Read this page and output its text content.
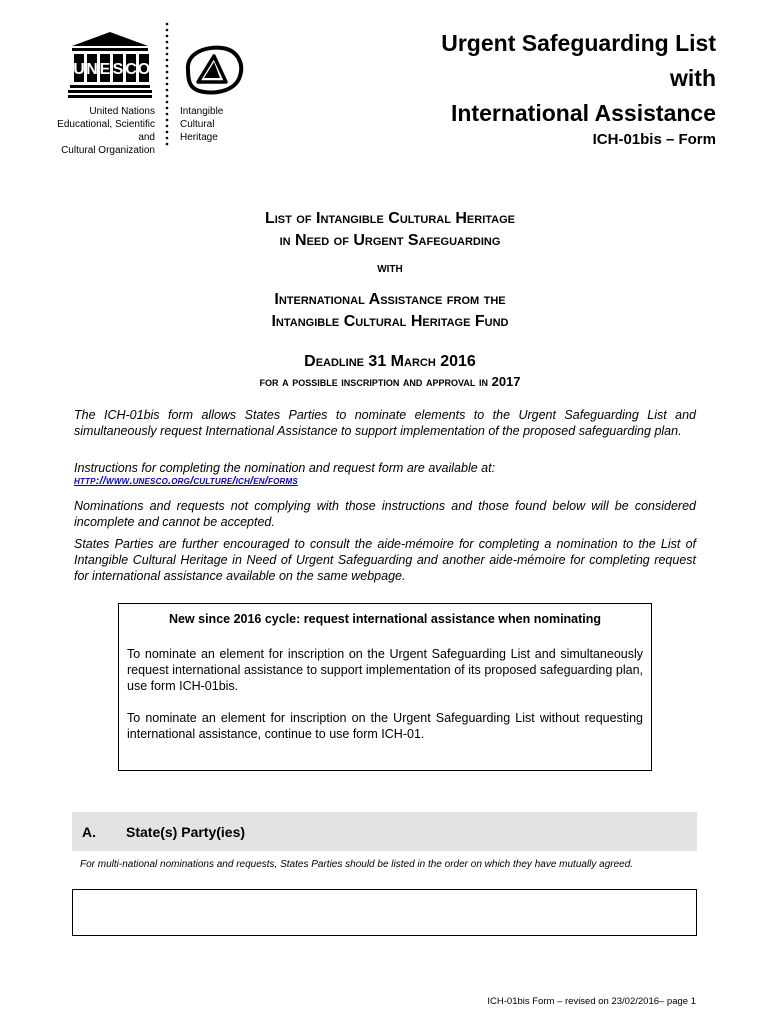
U N E S C O
United Nations
Educational, Scientific and
Cultural Organization
Intangible
Cultural
Heritage
Urgent Safeguarding List
with
International Assistance
ICH-01bis – Form
List of Intangible Cultural Heritage
in Need of Urgent Safeguarding
with
International Assistance from the
Intangible Cultural Heritage Fund
Deadline 31 March 2016
for a possible inscription and approval in 2017

The ICH-01bis form allows States Parties to nominate elements to the Urgent Safeguarding List and simultaneously request International Assistance to support implementation of the proposed safeguarding plan.

Instructions for completing the nomination and request form are available at:

http://www.unesco.org/culture/ich/en/forms

Nominations and requests not complying with those instructions and those found below will be considered incomplete and cannot be accepted.

States Parties are further encouraged to consult the aide-mémoire for completing a nomination to the List of Intangible Cultural Heritage in Need of Urgent Safeguarding and another aide-mémoire for completing request for international assistance available on the same webpage.

New since 2016 cycle: request international assistance when nominating

To nominate an element for inscription on the Urgent Safeguarding List and simultaneously request international assistance to support implementation of its proposed safeguarding plan, use form ICH-01bis.

To nominate an element for inscription on the Urgent Safeguarding List without requesting international assistance, continue to use form ICH-01.

A.	State(s) Party(ies)
For multi-national nominations and requests, States Parties should be listed in the order on which they have mutually agreed.
ICH-01bis Form – revised on 23/02/2016– page 1
